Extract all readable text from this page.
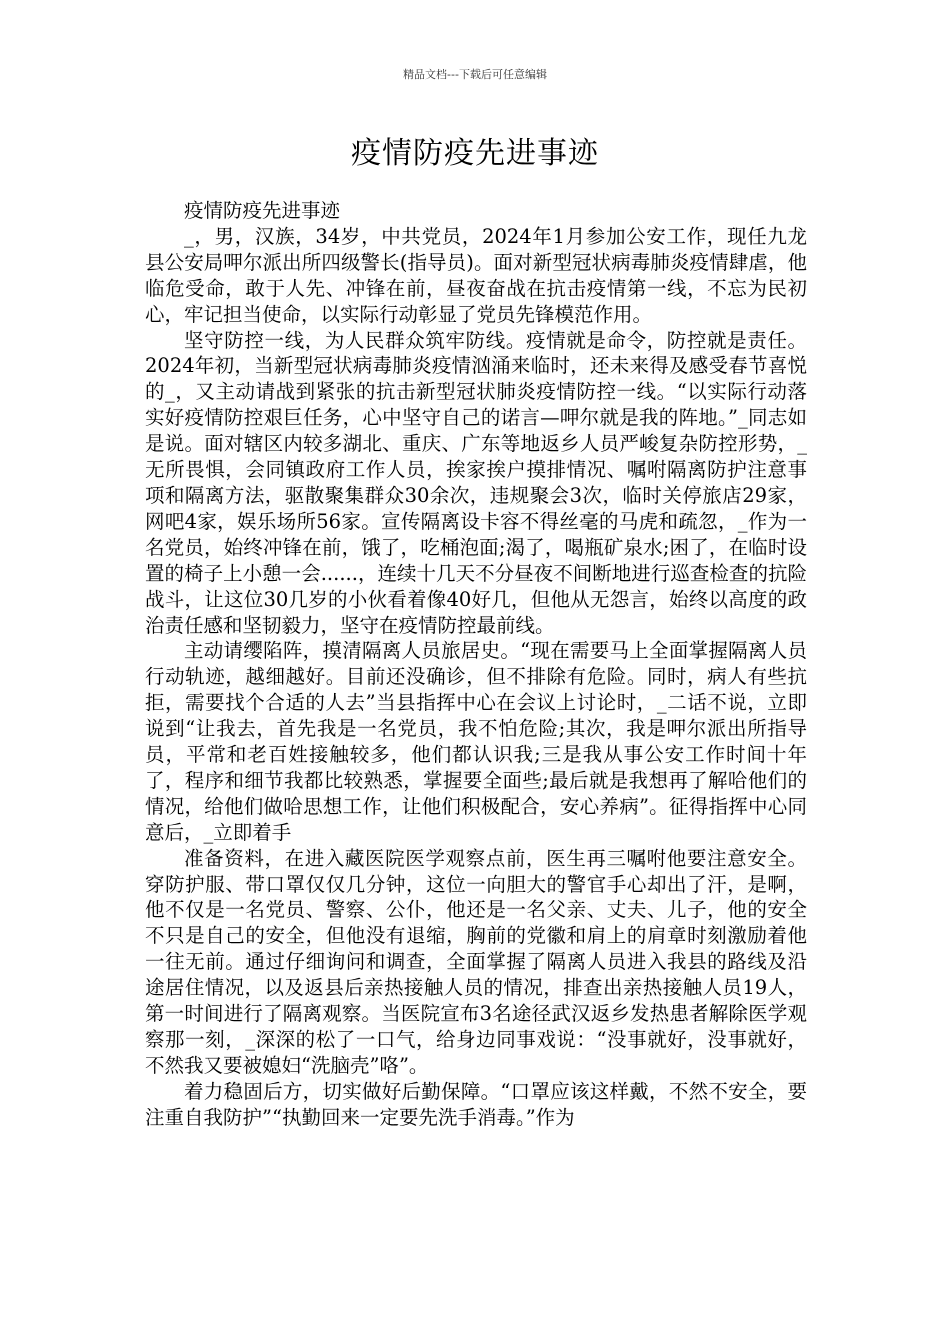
精品文档---下载后可任意编辑
疫情防疫先进事迹

疫情防疫先进事迹

_，男，汉族，34岁，中共党员，2024年1月参加公安工作，现任九龙县公安局呷尔派出所四级警长(指导员)。面对新型冠状病毒肺炎疫情肆虐，他临危受命，敢于人先、冲锋在前，昼夜奋战在抗击疫情第一线，不忘为民初心，牢记担当使命，以实际行动彰显了党员先锋模范作用。

坚守防控一线，为人民群众筑牢防线。疫情就是命令，防控就是责任。2024年初，当新型冠状病毒肺炎疫情汹涌来临时，还未来得及感受春节喜悦的_，又主动请战到紧张的抗击新型冠状肺炎疫情防控一线。“以实际行动落实好疫情防控艰巨任务，心中坚守自己的诺言—呷尔就是我的阵地。”_同志如是说。面对辖区内较多湖北、重庆、广东等地返乡人员严峻复杂防控形势，_无所畏惧，会同镇政府工作人员，挨家挨户摸排情况、嘱咐隔离防护注意事项和隔离方法，驱散聚集群众30余次，违规聚会3次，临时关停旅店29家，网吧4家，娱乐场所56家。宣传隔离设卡容不得丝毫的马虎和疏忽，_作为一名党员，始终冲锋在前，饿了，吃桶泡面;渴了，喝瓶矿泉水;困了，在临时设置的椅子上小憩一会......，连续十几天不分昼夜不间断地进行巡查检查的抗险战斗，让这位30几岁的小伙看着像40好几，但他从无怨言，始终以高度的政治责任感和坚韧毅力，坚守在疫情防控最前线。

主动请缨陷阵，摸清隔离人员旅居史。“现在需要马上全面掌握隔离人员行动轨迹，越细越好。目前还没确诊，但不排除有危险。同时，病人有些抗拒，需要找个合适的人去”当县指挥中心在会议上讨论时，_二话不说，立即说到“让我去，首先我是一名党员，我不怕危险;其次，我是呷尔派出所指导员，平常和老百姓接触较多，他们都认识我;三是我从事公安工作时间十年了，程序和细节我都比较熟悉，掌握要全面些;最后就是我想再了解哈他们的情况，给他们做哈思想工作，让他们积极配合，安心养病”。征得指挥中心同意后，_立即着手

准备资料，在进入藏医院医学观察点前，医生再三嘱咐他要注意安全。穿防护服、带口罩仅仅几分钟，这位一向胆大的警官手心却出了汗，是啊，他不仅是一名党员、警察、公仆，他还是一名父亲、丈夫、儿子，他的安全不只是自己的安全，但他没有退缩，胸前的党徽和肩上的肩章时刻激励着他一往无前。通过仔细询问和调查，全面掌握了隔离人员进入我县的路线及沿途居住情况，以及返县后亲热接触人员的情况，排查出亲热接触人员19人，第一时间进行了隔离观察。当医院宣布3名途径武汉返乡发热患者解除医学观察那一刻，_深深的松了一口气，给身边同事戏说：“没事就好，没事就好，不然我又要被媳妇“洗脑壳”咯”。

着力稳固后方，切实做好后勤保障。“口罩应该这样戴，不然不安全，要注重自我防护”“执勤回来一定要先洗手消毒。”作为
